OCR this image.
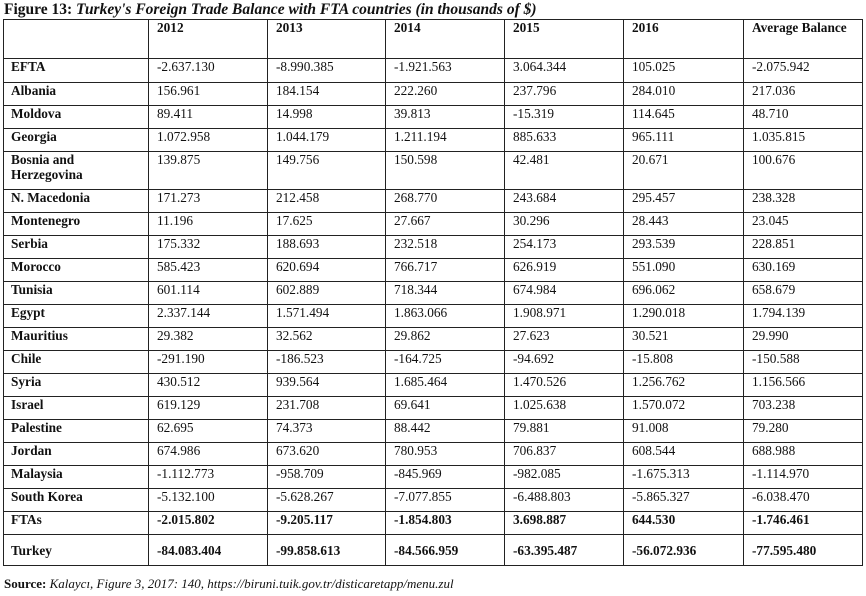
Figure 13: Turkey's Foreign Trade Balance with FTA countries (in thousands of $)
	2012	2013	2014	2015	2016	Average Balance
EFTA	-2.637.130	-8.990.385	-1.921.563	3.064.344	105.025	-2.075.942
Albania	156.961	184.154	222.260	237.796	284.010	217.036
Moldova	89.411	14.998	39.813	-15.319	114.645	48.710
Georgia	1.072.958	1.044.179	1.211.194	885.633	965.111	1.035.815
Bosnia and Herzegovina	139.875	149.756	150.598	42.481	20.671	100.676
N. Macedonia	171.273	212.458	268.770	243.684	295.457	238.328
Montenegro	11.196	17.625	27.667	30.296	28.443	23.045
Serbia	175.332	188.693	232.518	254.173	293.539	228.851
Morocco	585.423	620.694	766.717	626.919	551.090	630.169
Tunisia	601.114	602.889	718.344	674.984	696.062	658.679
Egypt	2.337.144	1.571.494	1.863.066	1.908.971	1.290.018	1.794.139
Mauritius	29.382	32.562	29.862	27.623	30.521	29.990
Chile	-291.190	-186.523	-164.725	-94.692	-15.808	-150.588
Syria	430.512	939.564	1.685.464	1.470.526	1.256.762	1.156.566
Israel	619.129	231.708	69.641	1.025.638	1.570.072	703.238
Palestine	62.695	74.373	88.442	79.881	91.008	79.280
Jordan	674.986	673.620	780.953	706.837	608.544	688.988
Malaysia	-1.112.773	-958.709	-845.969	-982.085	-1.675.313	-1.114.970
South Korea	-5.132.100	-5.628.267	-7.077.855	-6.488.803	-5.865.327	-6.038.470
FTAs	-2.015.802	-9.205.117	-1.854.803	3.698.887	644.530	-1.746.461
Turkey	-84.083.404	-99.858.613	-84.566.959	-63.395.487	-56.072.936	-77.595.480
Source: Kalaycı, Figure 3, 2017: 140, https://biruni.tuik.gov.tr/disticaretapp/menu.zul
